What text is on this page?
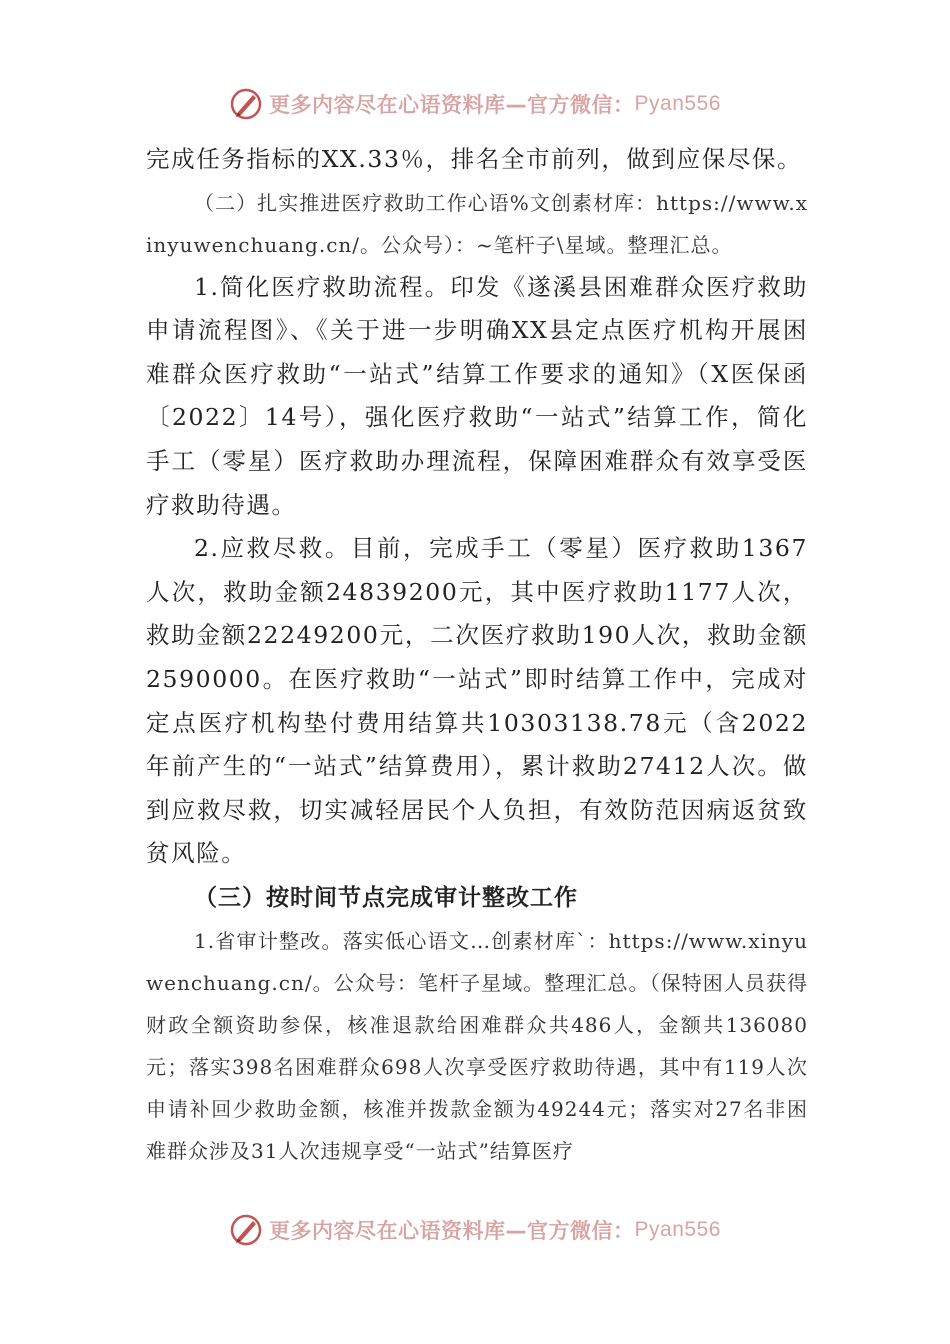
更多内容尽在心语资料库—官方微信： Pyan556

完成任务指标的XX.33％，排名全市前列，做到应保尽保。

（二）扎实推进医疗救助工作心语%文创素材库：https://www.xinyuwenchuang.cn/。公众号）：~笔杆子\星域。整理汇总。

1.简化医疗救助流程。印发《遂溪县困难群众医疗救助申请流程图》、《关于进一步明确XX县定点医疗机构开展困难群众医疗救助“一站式”结算工作要求的通知》（X医保函〔2022〕14号），强化医疗救助“一站式”结算工作，简化手工（零星）医疗救助办理流程，保障困难群众有效享受医疗救助待遇。

2.应救尽救。目前，完成手工（零星）医疗救助1367人次，救助金额24839200元，其中医疗救助1177人次，救助金额22249200元，二次医疗救助190人次，救助金额2590000。在医疗救助“一站式”即时结算工作中，完成对定点医疗机构垫付费用结算共10303138.78元（含2022年前产生的“一站式”结算费用），累计救助27412人次。做到应救尽救，切实减轻居民个人负担，有效防范因病返贫致贫风险。

（三）按时间节点完成审计整改工作

1.省审计整改。落实低心语文…创素材库`：https://www.xinyuwenchuang.cn/。公众号：笔杆子星域。整理汇总。（保特困人员获得财政全额资助参保，核准退款给困难群众共486人，金额共136080元；落实398名困难群众698人次享受医疗救助待遇，其中有119人次申请补回少救助金额，核准并拨款金额为49244元；落实对27名非困难群众涉及31人次违规享受“一站式”结算医疗

更多内容尽在心语资料库—官方微信： Pyan556
